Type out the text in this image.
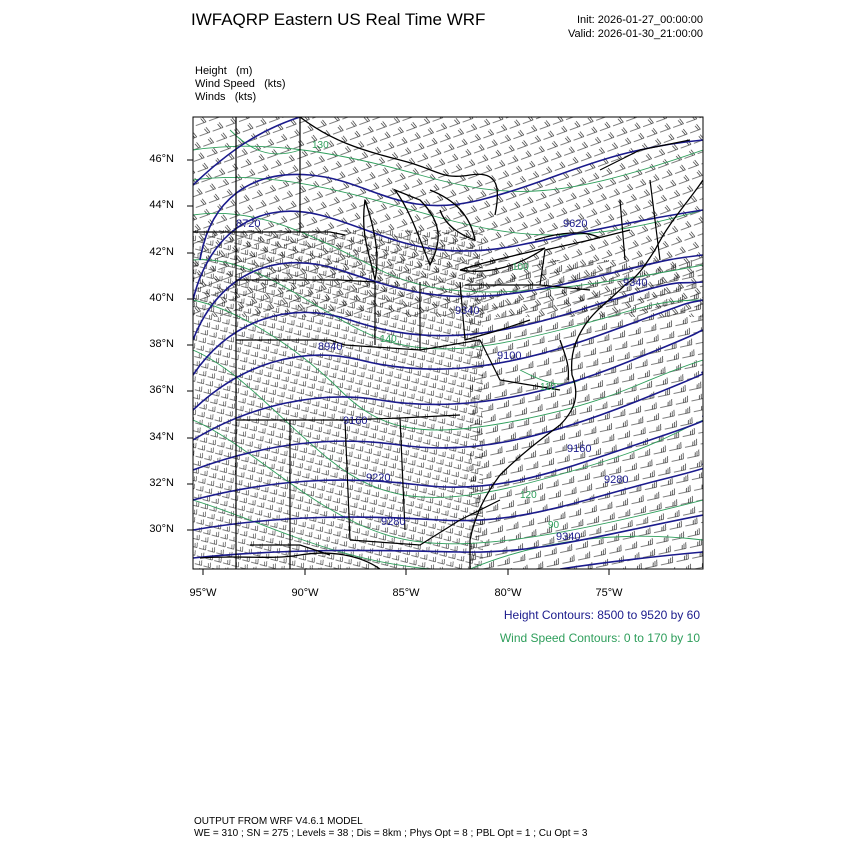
IWFAQRP Eastern US Real Time WRF	Init: 2026-01-27_00:00:00
Valid: 2026-01-30_21:00:00
Height   (m)
Wind Speed   (kts)
Winds   (kts)
8720	9620
8940
9340
9100
9160
9220
9280
9340
9160
9280
9340
130
100
140
110
120
90
46°N
44°N
42°N
40°N
38°N
36°N
34°N
32°N
30°N
95°W	90°W	85°W	80°W	75°W
Height Contours: 8500 to 9520 by 60
Wind Speed Contours: 0 to 170 by 10
OUTPUT FROM WRF V4.6.1 MODEL
WE = 310 ; SN = 275 ; Levels = 38 ; Dis = 8km ; Phys Opt = 8 ; PBL Opt = 1 ; Cu Opt = 3
